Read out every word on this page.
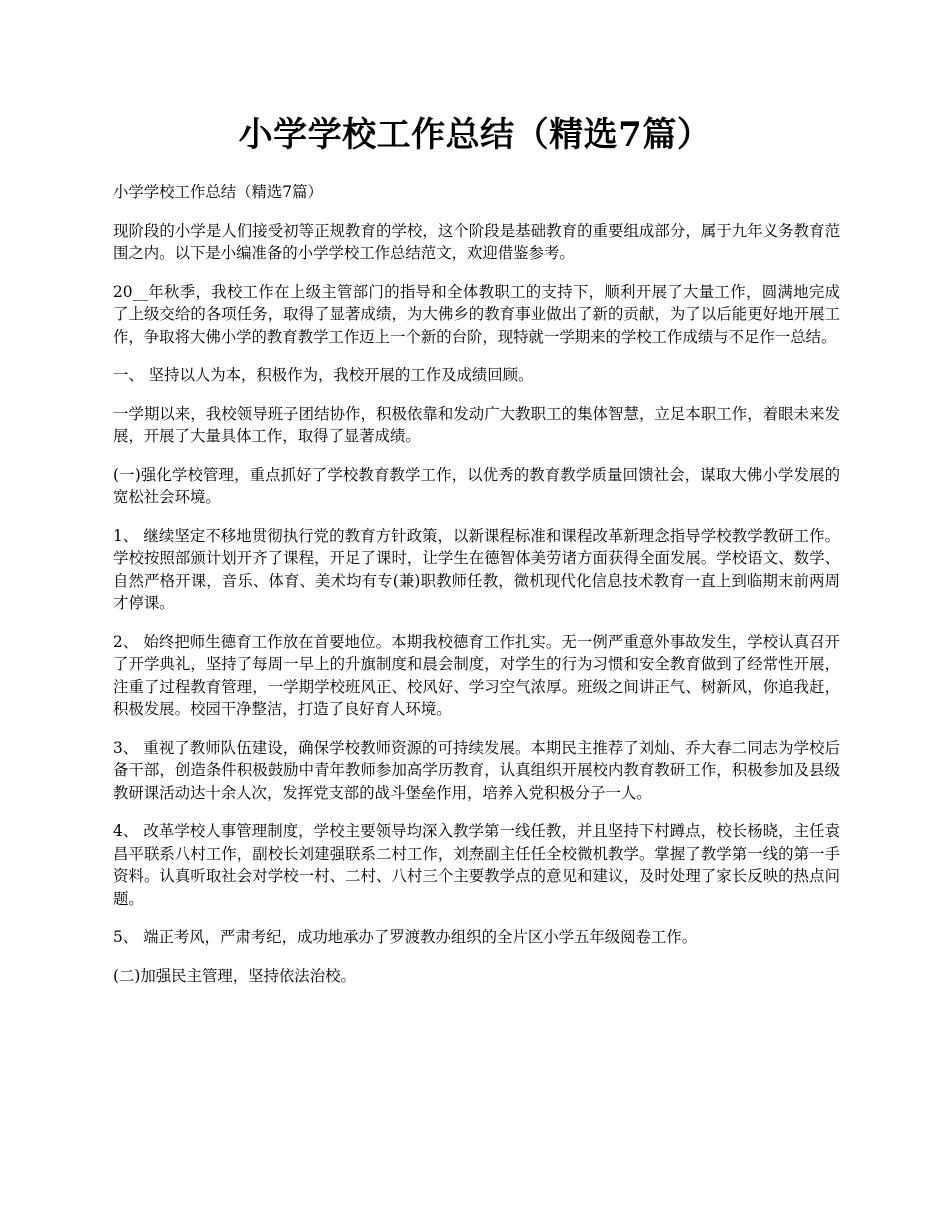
小学学校工作总结（精选7篇）

小学学校工作总结（精选7篇）

现阶段的小学是人们接受初等正规教育的学校，这个阶段是基础教育的重要组成部分，属于九年义务教育范围之内。以下是小编准备的小学学校工作总结范文，欢迎借鉴参考。

20__年秋季，我校工作在上级主管部门的指导和全体教职工的支持下，顺利开展了大量工作，圆满地完成了上级交给的各项任务，取得了显著成绩，为大佛乡的教育事业做出了新的贡献，为了以后能更好地开展工作，争取将大佛小学的教育教学工作迈上一个新的台阶，现特就一学期来的学校工作成绩与不足作一总结。

一、 坚持以人为本，积极作为，我校开展的工作及成绩回顾。

一学期以来，我校领导班子团结协作，积极依靠和发动广大教职工的集体智慧，立足本职工作，着眼未来发展，开展了大量具体工作，取得了显著成绩。

(一)强化学校管理，重点抓好了学校教育教学工作，以优秀的教育教学质量回馈社会，谋取大佛小学发展的宽松社会环境。

1、 继续坚定不移地贯彻执行党的教育方针政策，以新课程标准和课程改革新理念指导学校教学教研工作。学校按照部颁计划开齐了课程，开足了课时，让学生在德智体美劳诸方面获得全面发展。学校语文、数学、自然严格开课，音乐、体育、美术均有专(兼)职教师任教，微机现代化信息技术教育一直上到临期末前两周才停课。

2、 始终把师生德育工作放在首要地位。本期我校德育工作扎实。无一例严重意外事故发生，学校认真召开了开学典礼，坚持了每周一早上的升旗制度和晨会制度，对学生的行为习惯和安全教育做到了经常性开展，注重了过程教育管理，一学期学校班风正、校风好、学习空气浓厚。班级之间讲正气、树新风，你追我赶，积极发展。校园干净整洁，打造了良好育人环境。

3、 重视了教师队伍建设，确保学校教师资源的可持续发展。本期民主推荐了刘灿、乔大春二同志为学校后备干部，创造条件积极鼓励中青年教师参加高学历教育，认真组织开展校内教育教研工作，积极参加及县级教研课活动达十余人次，发挥党支部的战斗堡垒作用，培养入党积极分子一人。

4、 改革学校人事管理制度，学校主要领导均深入教学第一线任教，并且坚持下村蹲点，校长杨晓，主任袁昌平联系八村工作，副校长刘建强联系二村工作，刘焘副主任任全校微机教学。掌握了教学第一线的第一手资料。认真听取社会对学校一村、二村、八村三个主要教学点的意见和建议，及时处理了家长反映的热点问题。

5、 端正考风，严肃考纪，成功地承办了罗渡教办组织的全片区小学五年级阅卷工作。

(二)加强民主管理，坚持依法治校。
